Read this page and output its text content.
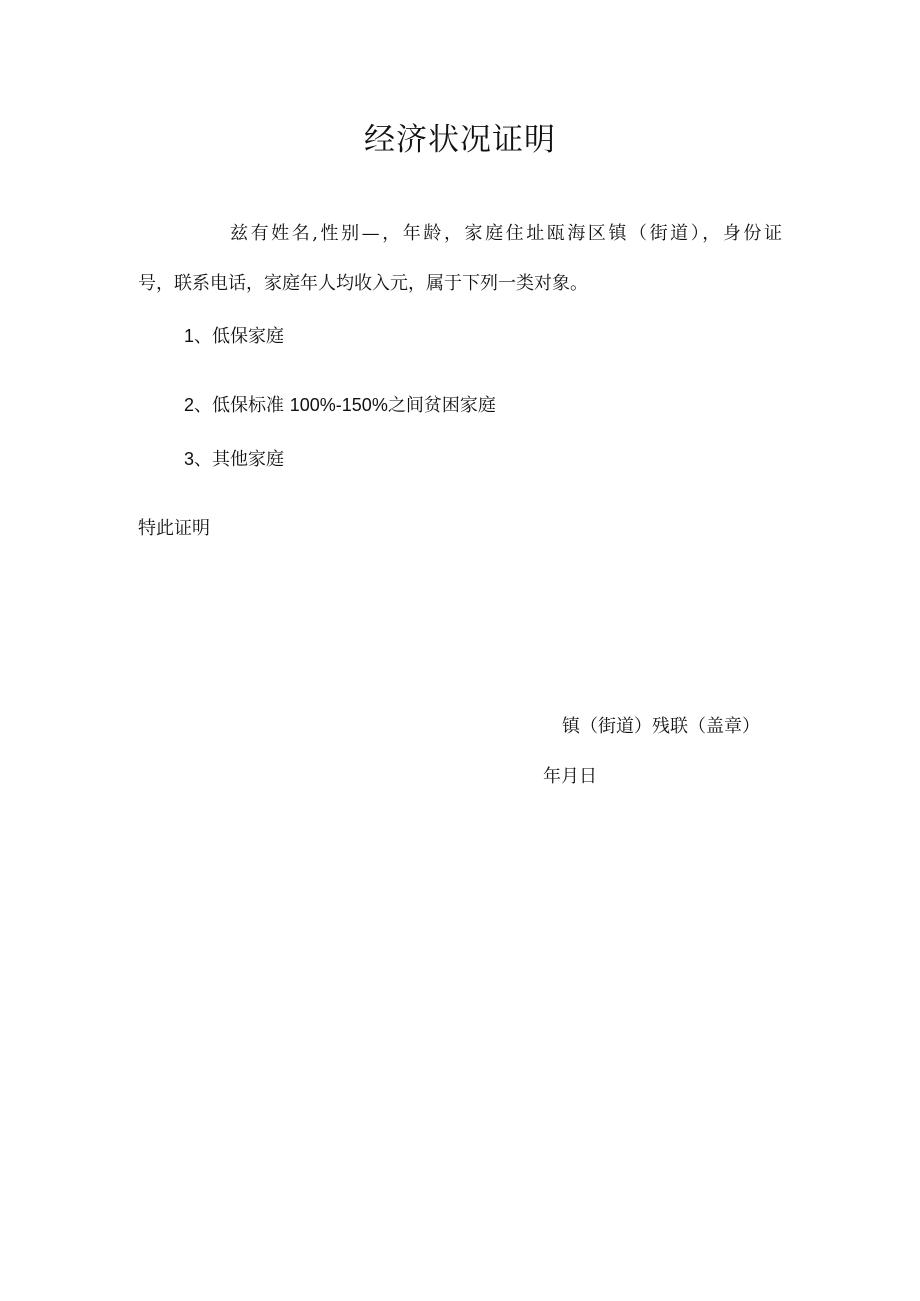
经济状况证明
兹有姓名,性别—，年龄，家庭住址瓯海区镇（街道），身份证
号，联系电话，家庭年人均收入元，属于下列一类对象。
1、低保家庭
2、低保标准 100%-150%之间贫困家庭
3、其他家庭
特此证明
镇（街道）残联（盖章）
年月日
